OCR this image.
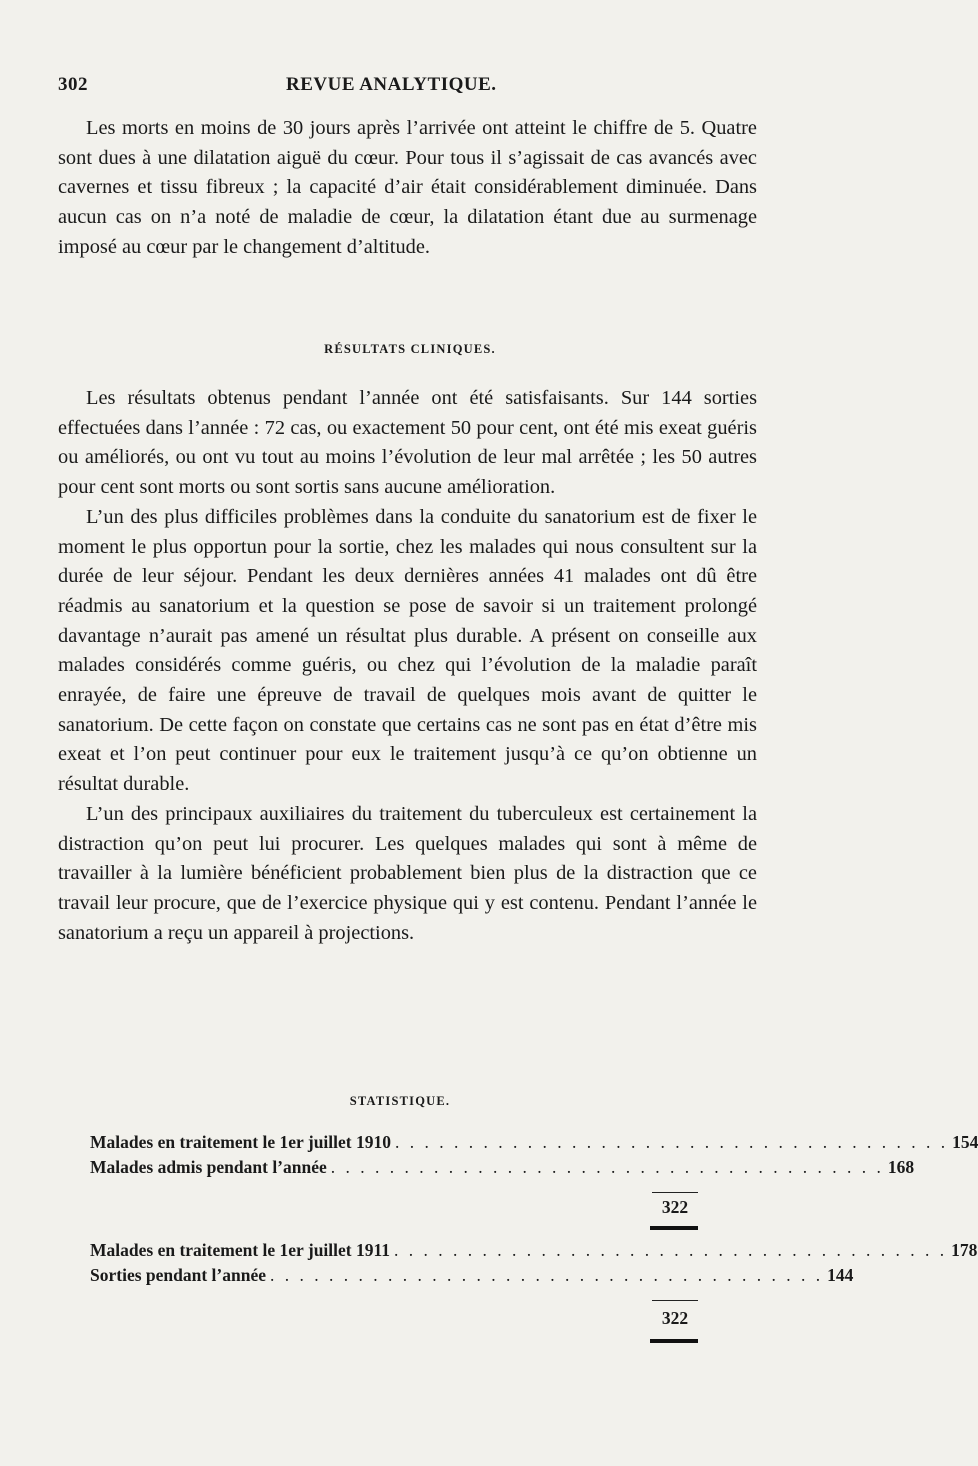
302	REVUE ANALYTIQUE.

Les morts en moins de 30 jours après l’arrivée ont atteint le chiffre de 5. Quatre sont dues à une dilatation aiguë du cœur. Pour tous il s’agissait de cas avancés avec cavernes et tissu fibreux ; la capacité d’air était considérablement diminuée. Dans aucun cas on n’a noté de maladie de cœur, la dilatation étant due au surmenage imposé au cœur par le changement d’altitude.

RÉSULTATS CLINIQUES.

Les résultats obtenus pendant l’année ont été satisfaisants. Sur 144 sorties effectuées dans l’année : 72 cas, ou exactement 50 pour cent, ont été mis exeat guéris ou améliorés, ou ont vu tout au moins l’évolution de leur mal arrêtée ; les 50 autres pour cent sont morts ou sont sortis sans aucune amélioration.

L’un des plus difficiles problèmes dans la conduite du sanatorium est de fixer le moment le plus opportun pour la sortie, chez les malades qui nous consultent sur la durée de leur séjour. Pendant les deux dernières années 41 malades ont dû être réadmis au sanatorium et la question se pose de savoir si un traitement prolongé davantage n’aurait pas amené un résultat plus durable. A présent on conseille aux malades considérés comme guéris, ou chez qui l’évolution de la maladie paraît enrayée, de faire une épreuve de travail de quelques mois avant de quitter le sanatorium. De cette façon on constate que certains cas ne sont pas en état d’être mis exeat et l’on peut continuer pour eux le traitement jusqu’à ce qu’on obtienne un résultat durable.

L’un des principaux auxiliaires du traitement du tuberculeux est certainement la distraction qu’on peut lui procurer. Les quelques malades qui sont à même de travailler à la lumière bénéficient probablement bien plus de la distraction que ce travail leur procure, que de l’exercice physique qui y est contenu. Pendant l’année le sanatorium a reçu un appareil à projections.

STATISTIQUE.
Malades en traitement le 1er juillet 1910 . . . . . . . . . . . . . . . . . . . . . . . . . . . . . . . . . . . . . . 154
Malades admis pendant l’année . . . . . . . . . . . . . . . . . . . . . . . . . . . . . . . . . . . . . . 168
322
Malades en traitement le 1er juillet 1911 . . . . . . . . . . . . . . . . . . . . . . . . . . . . . . . . . . . . . . 178
Sorties pendant l’année . . . . . . . . . . . . . . . . . . . . . . . . . . . . . . . . . . . . . . 144
322
